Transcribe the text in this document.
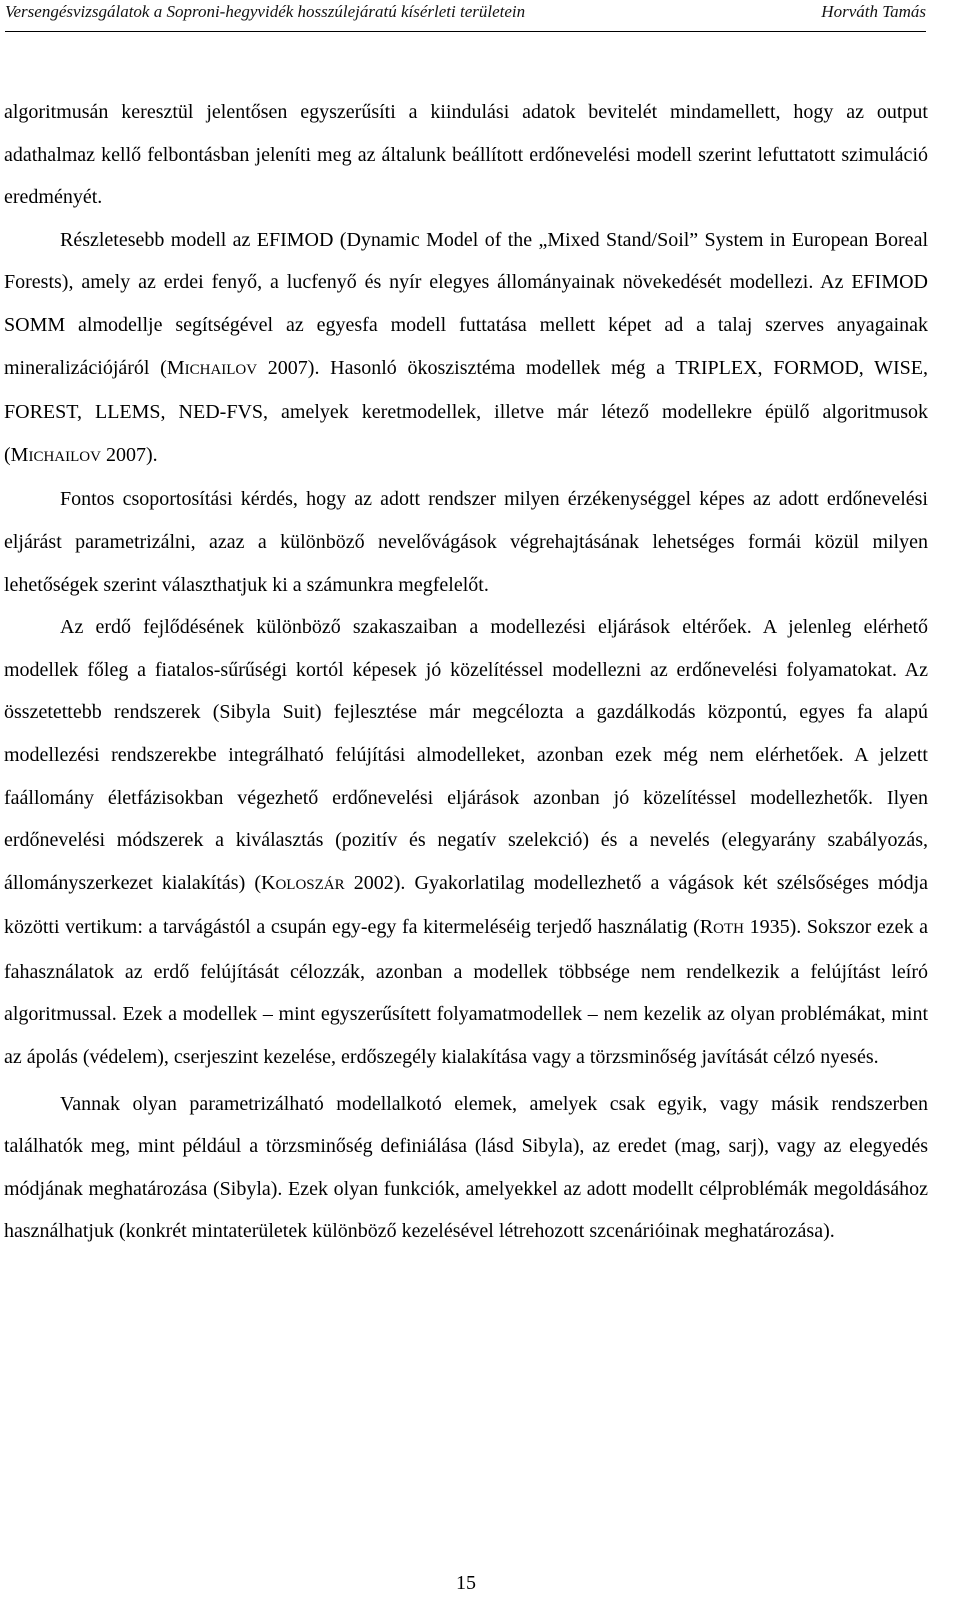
Versengésvizsgálatok a Soproni-hegyvidék hosszúlejáratú kísérleti területein	Horváth Tamás

algoritmusán keresztül jelentősen egyszerűsíti a kiindulási adatok bevitelét mindamellett, hogy az output adathalmaz kellő felbontásban jeleníti meg az általunk beállított erdőnevelési modell szerint lefuttatott szimuláció eredményét.

Részletesebb modell az EFIMOD (Dynamic Model of the „Mixed Stand/Soil” System in European Boreal Forests), amely az erdei fenyő, a lucfenyő és nyír elegyes állományainak növekedését modellezi. Az EFIMOD SOMM almodellje segítségével az egyesfa modell futtatása mellett képet ad a talaj szerves anyagainak mineralizációjáról (MICHAILOV 2007). Hasonló ökoszisztéma modellek még a TRIPLEX, FORMOD, WISE, FOREST, LLEMS, NED-FVS, amelyek keretmodellek, illetve már létező modellekre épülő algoritmusok (MICHAILOV 2007).

Fontos csoportosítási kérdés, hogy az adott rendszer milyen érzékenységgel képes az adott erdőnevelési eljárást parametrizálni, azaz a különböző nevelővágások végrehajtásának lehetséges formái közül milyen lehetőségek szerint választhatjuk ki a számunkra megfelelőt.

Az erdő fejlődésének különböző szakaszaiban a modellezési eljárások eltérőek. A jelenleg elérhető modellek főleg a fiatalos-sűrűségi kortól képesek jó közelítéssel modellezni az erdőnevelési folyamatokat. Az összetettebb rendszerek (Sibyla Suit) fejlesztése már megcélozta a gazdálkodás központú, egyes fa alapú modellezési rendszerekbe integrálható felújítási almodelleket, azonban ezek még nem elérhetőek. A jelzett faállomány életfázisokban végezhető erdőnevelési eljárások azonban jó közelítéssel modellezhetők. Ilyen erdőnevelési módszerek a kiválasztás (pozitív és negatív szelekció) és a nevelés (elegyarány szabályozás, állományszerkezet kialakítás) (KOLOSZÁR 2002). Gyakorlatilag modellezhető a vágások két szélsőséges módja közötti vertikum: a tarvágástól a csupán egy-egy fa kitermeléséig terjedő használatig (ROTH 1935). Sokszor ezek a fahasználatok az erdő felújítását célozzák, azonban a modellek többsége nem rendelkezik a felújítást leíró algoritmussal. Ezek a modellek – mint egyszerűsített folyamatmodellek – nem kezelik az olyan problémákat, mint az ápolás (védelem), cserjeszint kezelése, erdőszegély kialakítása vagy a törzsminőség javítását célzó nyesés.

Vannak olyan parametrizálható modellalkotó elemek, amelyek csak egyik, vagy másik rendszerben találhatók meg, mint például a törzsminőség definiálása (lásd Sibyla), az eredet (mag, sarj), vagy az elegyedés módjának meghatározása (Sibyla). Ezek olyan funkciók, amelyekkel az adott modellt célproblémák megoldásához használhatjuk (konkrét mintaterületek különböző kezelésével létrehozott szcenárióinak meghatározása).

15
